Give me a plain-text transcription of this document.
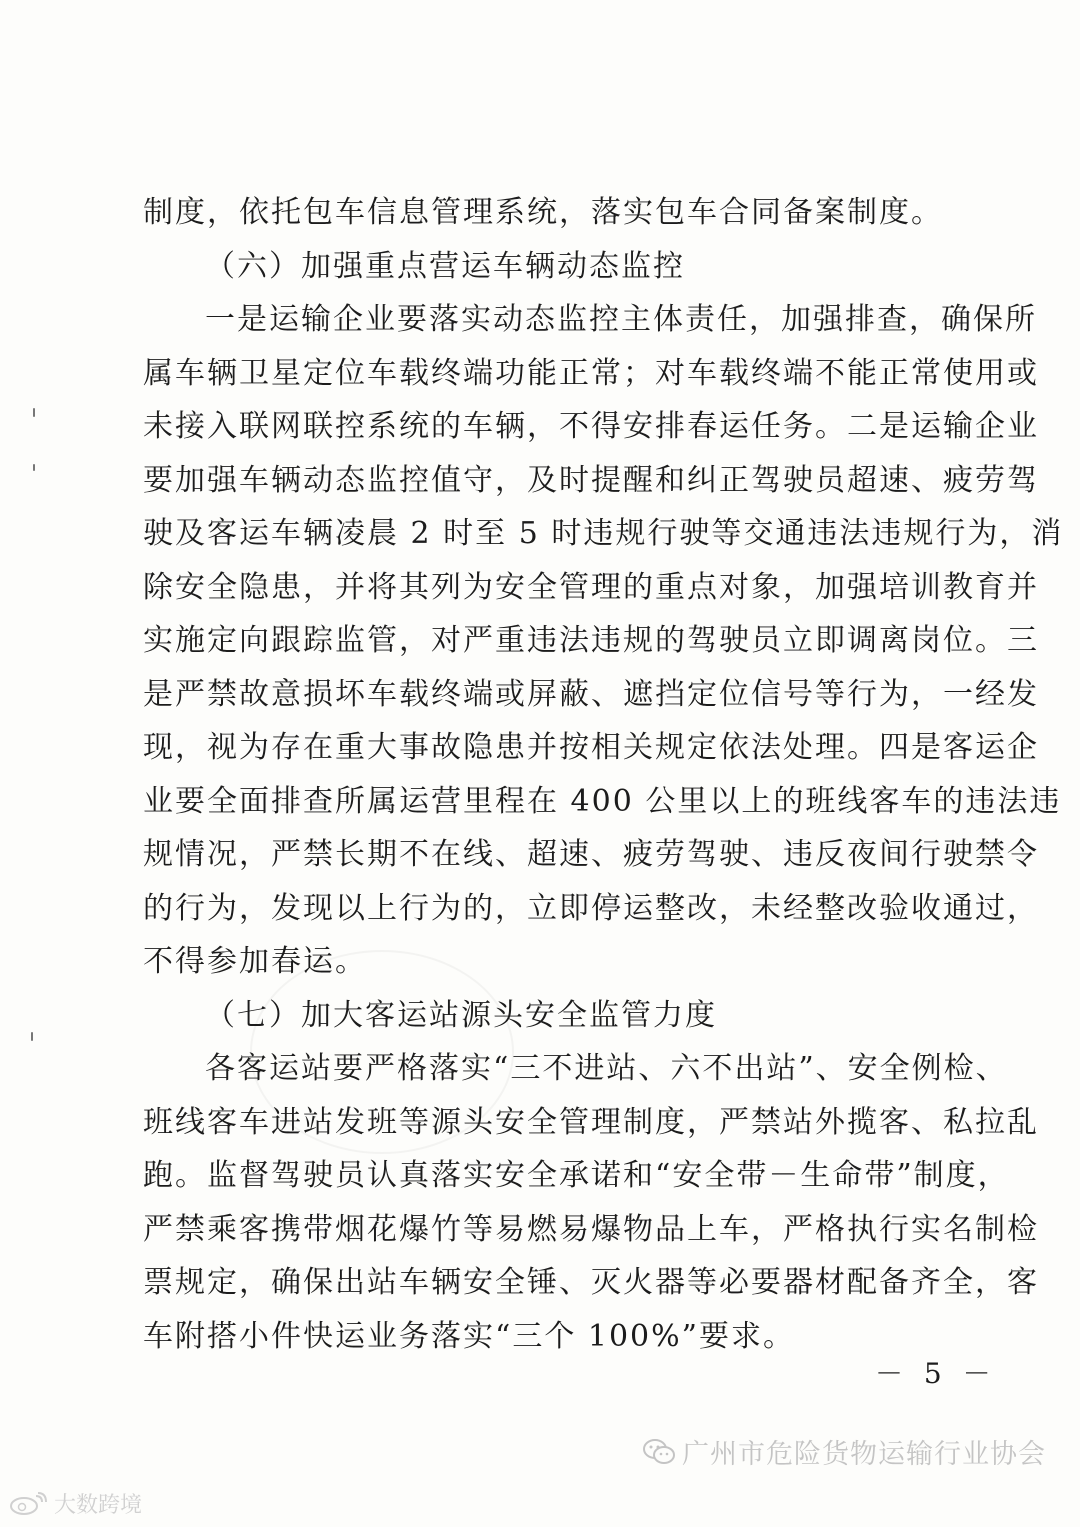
制度，依托包车信息管理系统，落实包车合同备案制度。
（六）加强重点营运车辆动态监控
一是运输企业要落实动态监控主体责任，加强排查，确保所
属车辆卫星定位车载终端功能正常；对车载终端不能正常使用或
未接入联网联控系统的车辆，不得安排春运任务。二是运输企业
要加强车辆动态监控值守，及时提醒和纠正驾驶员超速、疲劳驾
驶及客运车辆凌晨 2 时至 5 时违规行驶等交通违法违规行为，消
除安全隐患，并将其列为安全管理的重点对象，加强培训教育并
实施定向跟踪监管，对严重违法违规的驾驶员立即调离岗位。三
是严禁故意损坏车载终端或屏蔽、遮挡定位信号等行为，一经发
现，视为存在重大事故隐患并按相关规定依法处理。四是客运企
业要全面排查所属运营里程在 400 公里以上的班线客车的违法违
规情况，严禁长期不在线、超速、疲劳驾驶、违反夜间行驶禁令
的行为，发现以上行为的，立即停运整改，未经整改验收通过，
不得参加春运。
（七）加大客运站源头安全监管力度
各客运站要严格落实“三不进站、六不出站”、安全例检、
班线客车进站发班等源头安全管理制度，严禁站外揽客、私拉乱
跑。监督驾驶员认真落实安全承诺和“安全带－生命带”制度，
严禁乘客携带烟花爆竹等易燃易爆物品上车，严格执行实名制检
票规定，确保出站车辆安全锤、灭火器等必要器材配备齐全，客
车附搭小件快运业务落实“三个 100%”要求。
－ 5 －
广州市危险货物运输行业协会
大数跨境
